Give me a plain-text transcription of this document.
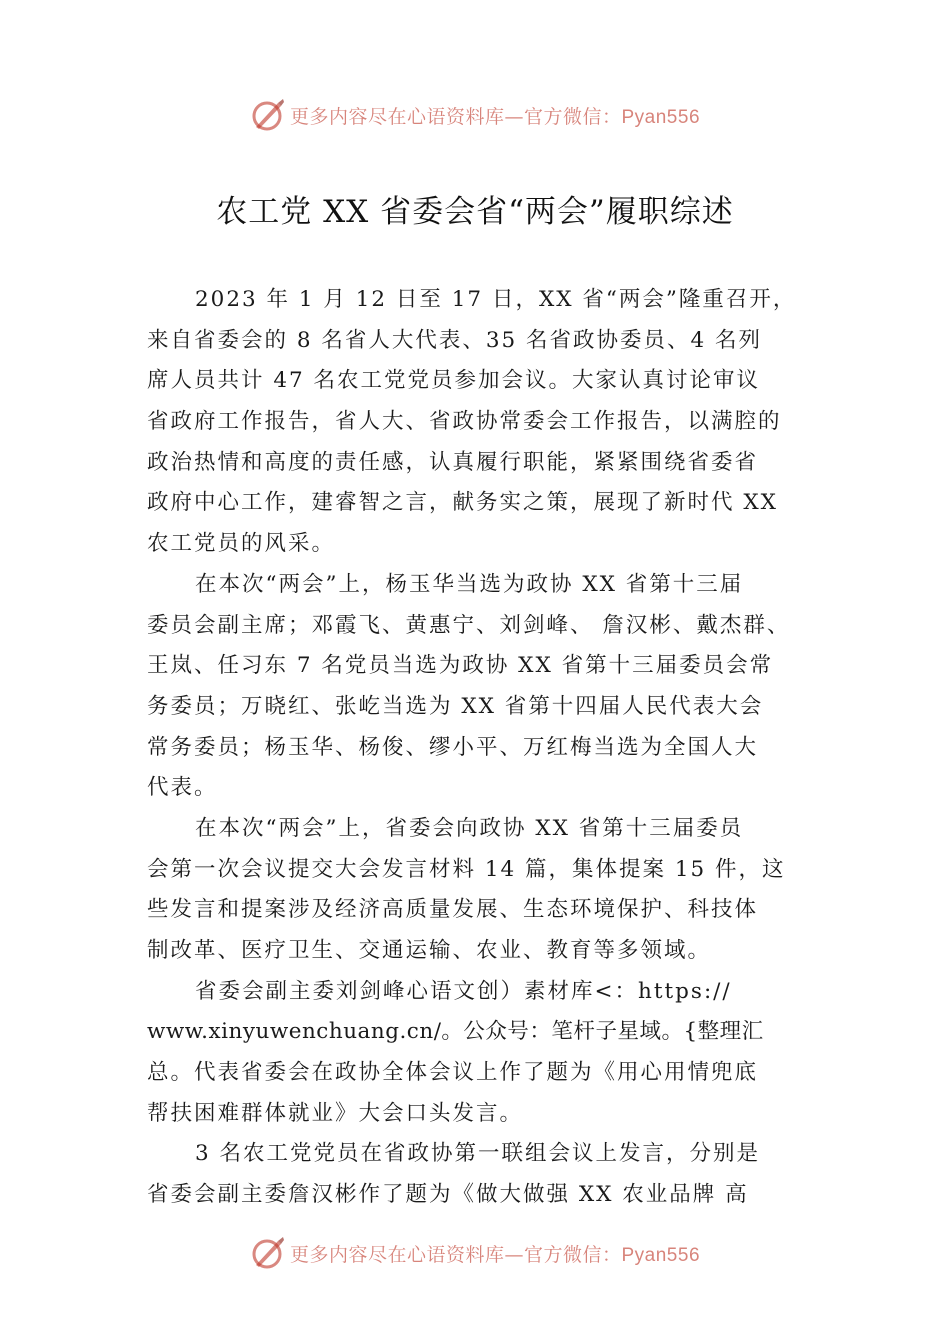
更多内容尽在心语资料库—官方微信：Pyan556
农工党 XX 省委会省“两会”履职综述
2023 年 1 月 12 日至 17 日，XX 省“两会”隆重召开，
来自省委会的 8 名省人大代表、35 名省政协委员、4 名列
席人员共计 47 名农工党党员参加会议。大家认真讨论审议
省政府工作报告，省人大、省政协常委会工作报告，以满腔的
政治热情和高度的责任感，认真履行职能，紧紧围绕省委省
政府中心工作，建睿智之言，献务实之策，展现了新时代 XX
农工党员的风采。
在本次“两会”上，杨玉华当选为政协 XX 省第十三届
委员会副主席；邓霞飞、黄惠宁、刘剑峰、 詹汉彬、戴杰群、
王岚、任习东 7 名党员当选为政协 XX 省第十三届委员会常
务委员；万晓红、张屹当选为 XX 省第十四届人民代表大会
常务委员；杨玉华、杨俊、缪小平、万红梅当选为全国人大
代表。
在本次“两会”上，省委会向政协 XX 省第十三届委员
会第一次会议提交大会发言材料 14 篇，集体提案 15 件，这
些发言和提案涉及经济高质量发展、生态环境保护、科技体
制改革、医疗卫生、交通运输、农业、教育等多领域。
省委会副主委刘剑峰心语文创）素材库<：https://
www.xinyuwenchuang.cn/。公众号：笔杆子星域。{整理汇
总。代表省委会在政协全体会议上作了题为《用心用情兜底
帮扶困难群体就业》大会口头发言。
3 名农工党党员在省政协第一联组会议上发言，分别是
省委会副主委詹汉彬作了题为《做大做强 XX 农业品牌 高
更多内容尽在心语资料库—官方微信：Pyan556
